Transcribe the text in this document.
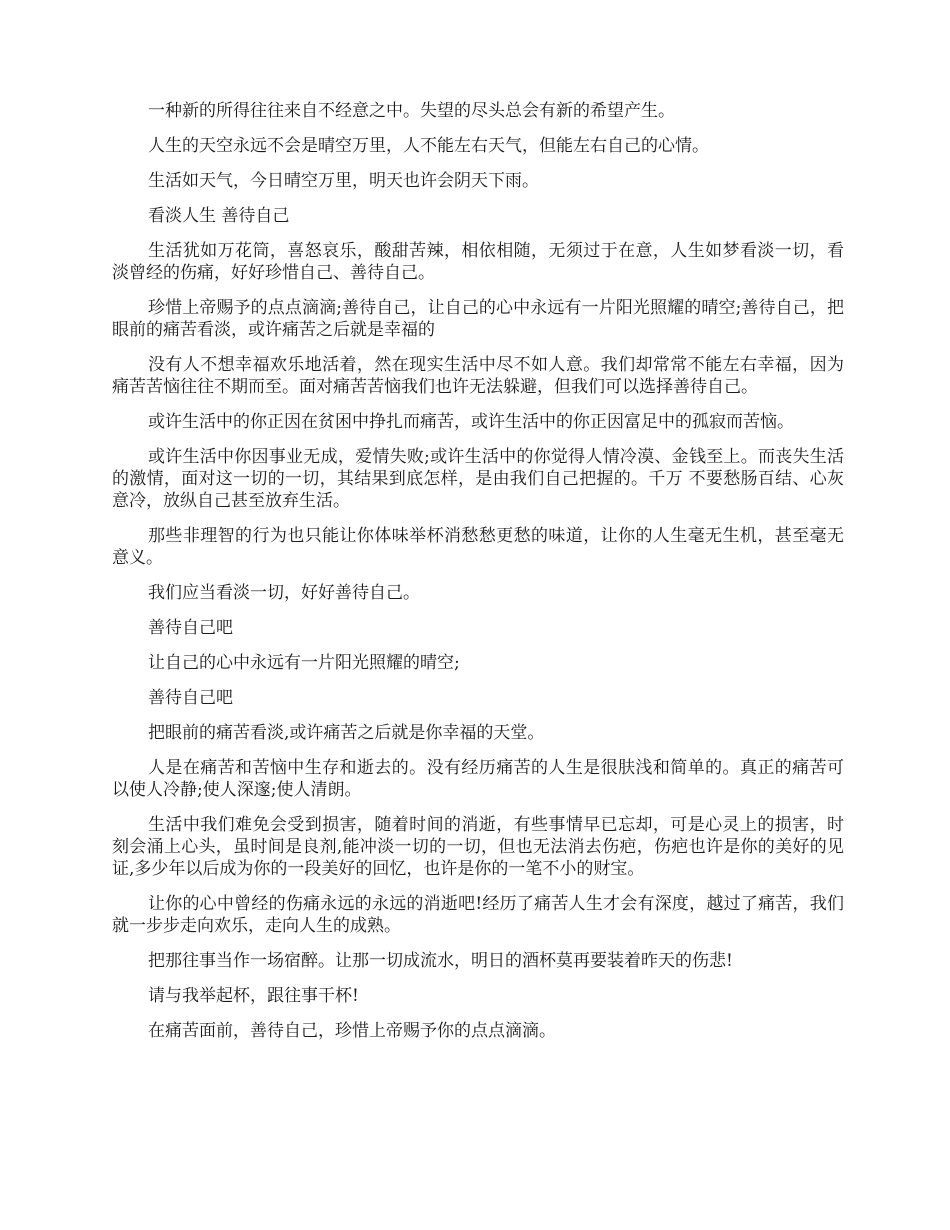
一种新的所得往往来自不经意之中。失望的尽头总会有新的希望产生。

人生的天空永远不会是晴空万里，人不能左右天气，但能左右自己的心情。

生活如天气，今日晴空万里，明天也许会阴天下雨。

看淡人生 善待自己

生活犹如万花筒，喜怒哀乐，酸甜苦辣，相依相随，无须过于在意，人生如梦看淡一切，看淡曾经的伤痛，好好珍惜自己、善待自己。

珍惜上帝赐予的点点滴滴;善待自己，让自己的心中永远有一片阳光照耀的晴空;善待自己，把眼前的痛苦看淡，或许痛苦之后就是幸福的

没有人不想幸福欢乐地活着，然在现实生活中尽不如人意。我们却常常不能左右幸福，因为痛苦苦恼往往不期而至。面对痛苦苦恼我们也许无法躲避，但我们可以选择善待自己。

或许生活中的你正因在贫困中挣扎而痛苦，或许生活中的你正因富足中的孤寂而苦恼。

或许生活中你因事业无成，爱情失败;或许生活中的你觉得人情冷漠、金钱至上。而丧失生活的激情，面对这一切的一切，其结果到底怎样，是由我们自己把握的。千万 不要愁肠百结、心灰意冷，放纵自己甚至放弃生活。

那些非理智的行为也只能让你体味举杯消愁愁更愁的味道，让你的人生毫无生机，甚至毫无意义。

我们应当看淡一切，好好善待自己。

善待自己吧

让自己的心中永远有一片阳光照耀的晴空;

善待自己吧

把眼前的痛苦看淡,或许痛苦之后就是你幸福的天堂。

人是在痛苦和苦恼中生存和逝去的。没有经历痛苦的人生是很肤浅和简单的。真正的痛苦可以使人冷静;使人深邃;使人清朗。

生活中我们难免会受到损害，随着时间的消逝，有些事情早已忘却，可是心灵上的损害，时刻会涌上心头，虽时间是良剂,能冲淡一切的一切，但也无法消去伤疤，伤疤也许是你的美好的见证,多少年以后成为你的一段美好的回忆，也许是你的一笔不小的财宝。

让你的心中曾经的伤痛永远的永远的消逝吧!经历了痛苦人生才会有深度，越过了痛苦，我们就一步步走向欢乐，走向人生的成熟。

把那往事当作一场宿醉。让那一切成流水，明日的酒杯莫再要装着昨天的伤悲!

请与我举起杯，跟往事干杯!

在痛苦面前，善待自己，珍惜上帝赐予你的点点滴滴。
